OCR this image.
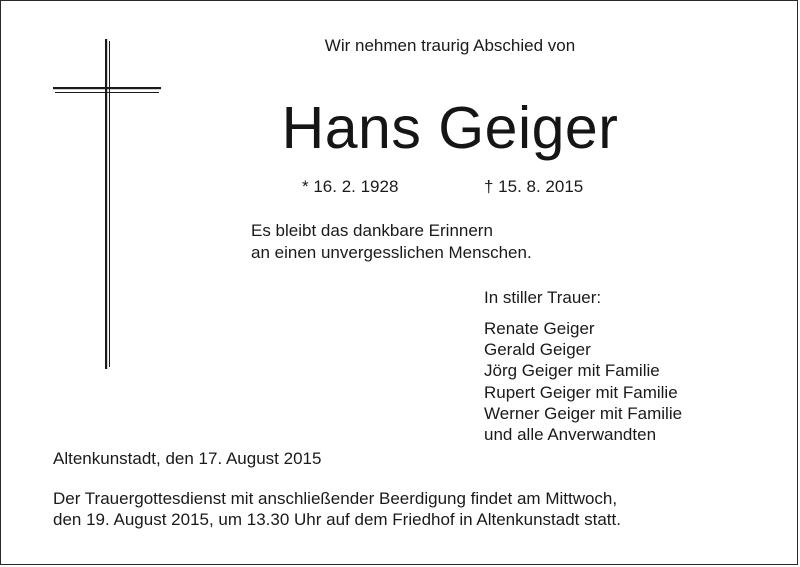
Wir nehmen traurig Abschied von
Hans Geiger
* 16. 2. 1928	† 15. 8. 2015
Es bleibt das dankbare Erinnern
an einen unvergesslichen Menschen.
In stiller Trauer:
Renate Geiger
Gerald Geiger
Jörg Geiger mit Familie
Rupert Geiger mit Familie
Werner Geiger mit Familie
und alle Anverwandten
Altenkunstadt, den 17. August 2015
Der Trauergottesdienst mit anschließender Beerdigung findet am Mittwoch,
den 19. August 2015, um 13.30 Uhr auf dem Friedhof in Altenkunstadt statt.
